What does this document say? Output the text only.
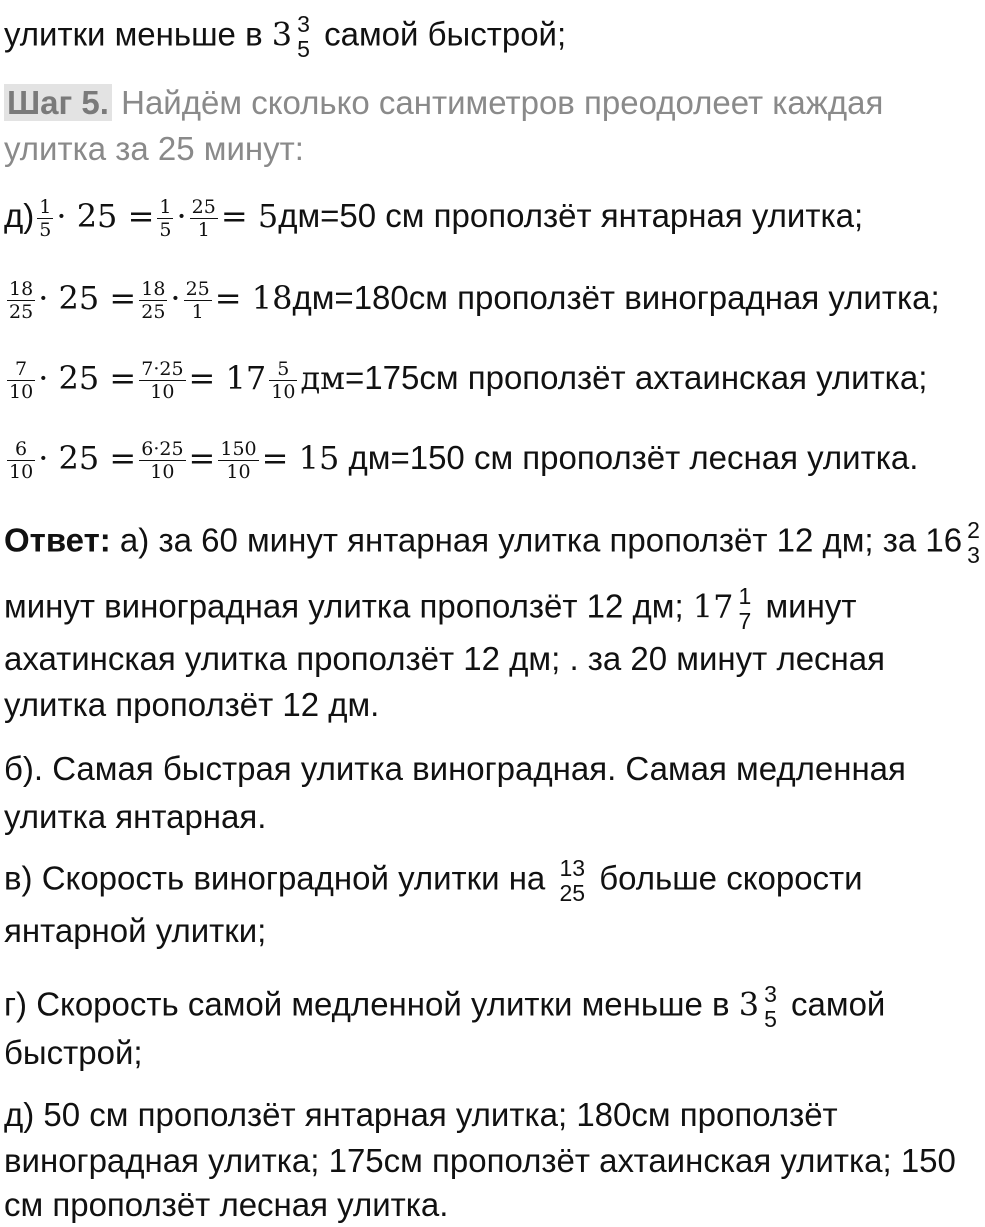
улитки меньше в 3 3
5 самой быстрой;
Шаг 5. Найдём сколько сантиметров преодолеет каждая
улитка за 25 минут:
$д) \frac{1}{5} \cdot 25 = \frac{1}{5} \cdot \frac{25}{1} = 5дм=50$ см проползёт янтарная улитка;
$\frac{18}{25} \cdot 25 = \frac{18}{25} \cdot \frac{25}{1} = 18дм=180см$ проползёт виноградная улитка;
$\frac{7}{10} \cdot 25 = \frac{7\cdot 25}{10} = 17 \frac{5}{10} дм=175см$ проползёт ахтаинская улитка;
$\frac{6}{10} \cdot 25 = \frac{6\cdot 25}{10} = \frac{150}{10} = 15$ дм=150 см проползёт лесная улитка.
Ответ: а) за 60 минут янтарная улитка проползёт 12 дм; за 16 2
3
минут виноградная улитка проползёт 12 дм; 17 1
7 минут
ахатинская улитка проползёт 12 дм; . за 20 минут лесная
улитка проползёт 12 дм.
б). Самая быстрая улитка виноградная. Самая медленная
улитка янтарная.
в) Скорость виноградной улитки на 13
25 больше скорости
янтарной улитки;
г) Скорость самой медленной улитки меньше в 3 3
5 самой
быстрой;
д) 50 см проползёт янтарная улитка; 180см проползёт
виноградная улитка; 175см проползёт ахтаинская улитка; 150
см проползёт лесная улитка.
